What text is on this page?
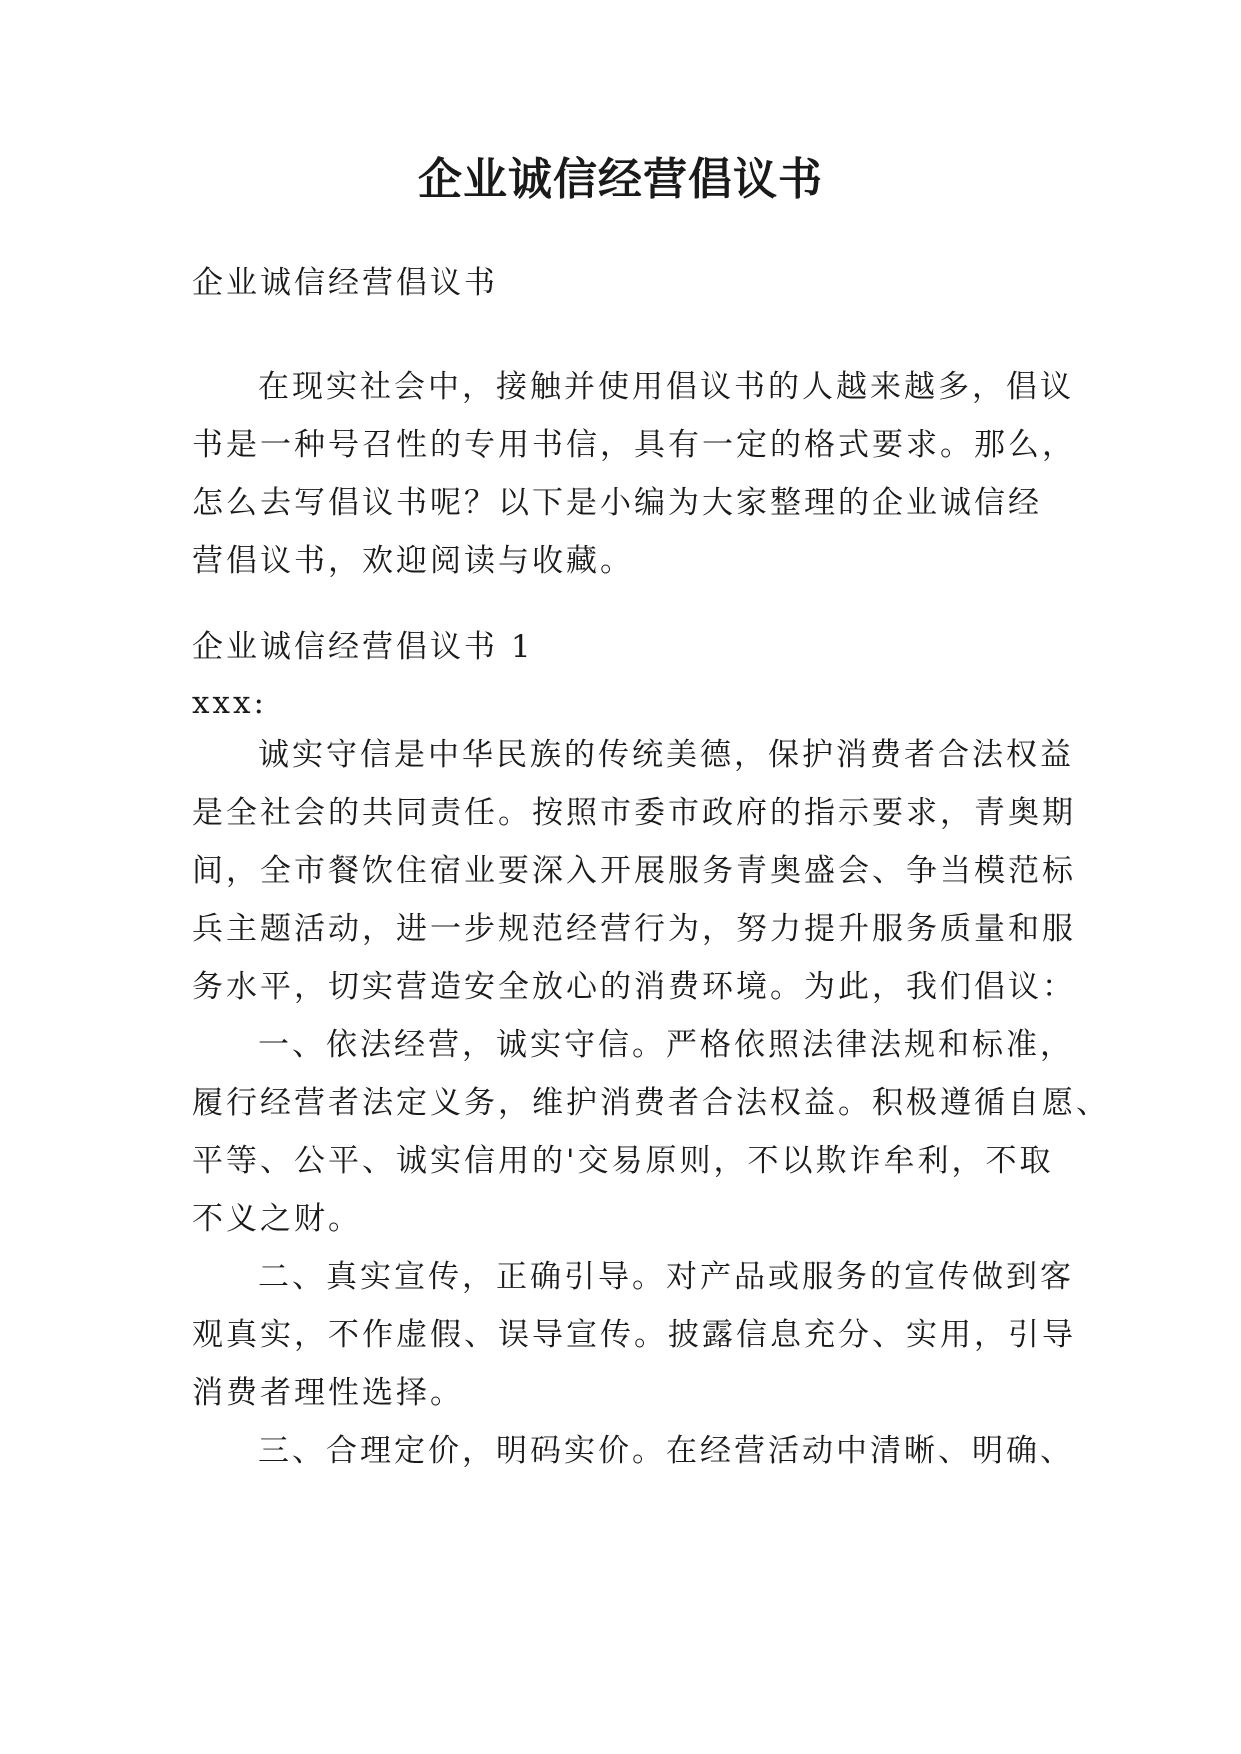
企业诚信经营倡议书
企业诚信经营倡议书
在现实社会中，接触并使用倡议书的人越来越多，倡议
书是一种号召性的专用书信，具有一定的格式要求。那么，
怎么去写倡议书呢？以下是小编为大家整理的企业诚信经
营倡议书，欢迎阅读与收藏。
企业诚信经营倡议书 1
xxx:
诚实守信是中华民族的传统美德，保护消费者合法权益
是全社会的共同责任。按照市委市政府的指示要求，青奥期
间，全市餐饮住宿业要深入开展服务青奥盛会、争当模范标
兵主题活动，进一步规范经营行为，努力提升服务质量和服
务水平，切实营造安全放心的消费环境。为此，我们倡议：
一、依法经营，诚实守信。严格依照法律法规和标准，
履行经营者法定义务，维护消费者合法权益。积极遵循自愿、
平等、公平、诚实信用的'交易原则，不以欺诈牟利，不取
不义之财。
二、真实宣传，正确引导。对产品或服务的宣传做到客
观真实，不作虚假、误导宣传。披露信息充分、实用，引导
消费者理性选择。
三、合理定价，明码实价。在经营活动中清晰、明确、
